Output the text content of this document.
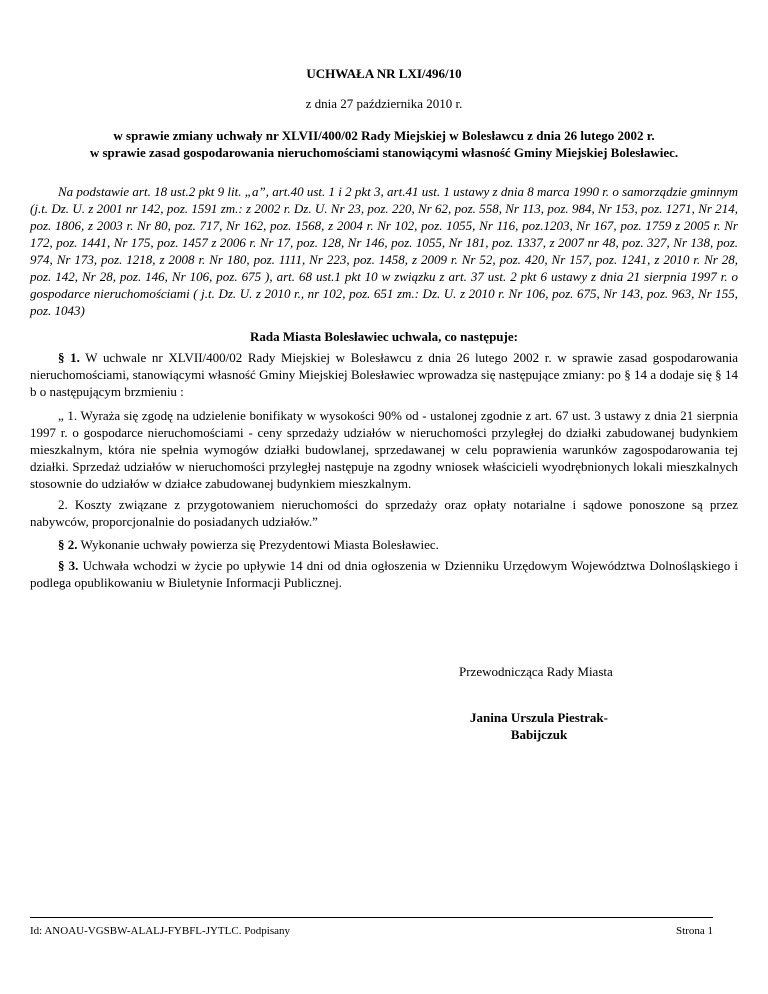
UCHWAŁA NR LXI/496/10
z dnia 27 października 2010 r.
w sprawie zmiany uchwały nr XLVII/400/02 Rady Miejskiej w Bolesławcu z dnia 26 lutego 2002 r.
w sprawie zasad gospodarowania nieruchomościami stanowiącymi własność Gminy Miejskiej Bolesławiec.
Na podstawie art. 18 ust.2 pkt 9 lit. „a”, art.40 ust. 1 i 2 pkt 3, art.41 ust. 1 ustawy z dnia 8 marca 1990 r. o samorządzie gminnym (j.t. Dz. U. z 2001 nr 142, poz. 1591 zm.: z 2002 r. Dz. U. Nr 23, poz. 220, Nr 62, poz. 558, Nr 113, poz. 984, Nr 153, poz. 1271, Nr 214, poz. 1806, z 2003 r. Nr 80, poz. 717, Nr 162, poz. 1568, z 2004 r. Nr 102, poz. 1055, Nr 116, poz.1203, Nr 167, poz. 1759 z 2005 r. Nr 172, poz. 1441, Nr 175, poz. 1457 z 2006 r. Nr 17, poz. 128, Nr 146, poz. 1055, Nr 181, poz. 1337, z 2007 nr 48, poz. 327, Nr 138, poz. 974, Nr 173, poz. 1218, z 2008 r. Nr 180, poz. 1111, Nr 223, poz. 1458, z 2009 r. Nr 52, poz. 420, Nr 157, poz. 1241, z 2010 r. Nr 28, poz. 142, Nr 28, poz. 146, Nr 106, poz. 675 ), art. 68 ust.1 pkt 10 w związku z art. 37 ust. 2 pkt 6 ustawy z dnia 21 sierpnia 1997 r. o gospodarce nieruchomościami ( j.t. Dz. U. z 2010 r., nr 102, poz. 651 zm.: Dz. U. z 2010 r. Nr 106, poz. 675, Nr 143, poz. 963, Nr 155, poz. 1043)
Rada Miasta Bolesławiec uchwala, co następuje:
§ 1. W uchwale nr XLVII/400/02 Rady Miejskiej w Bolesławcu z dnia 26 lutego 2002 r. w sprawie zasad gospodarowania nieruchomościami, stanowiącymi własność Gminy Miejskiej Bolesławiec wprowadza się następujące zmiany: po § 14 a dodaje się § 14 b o następującym brzmieniu :
„ 1. Wyraża się zgodę na udzielenie bonifikaty w wysokości 90% od - ustalonej zgodnie z art. 67 ust. 3 ustawy z dnia 21 sierpnia 1997 r. o gospodarce nieruchomościami - ceny sprzedaży udziałów w nieruchomości przyległej do działki zabudowanej budynkiem mieszkalnym, która nie spełnia wymogów działki budowlanej, sprzedawanej w celu poprawienia warunków zagospodarowania tej działki. Sprzedaż udziałów w nieruchomości przyległej następuje na zgodny wniosek właścicieli wyodrębnionych lokali mieszkalnych stosownie do udziałów w działce zabudowanej budynkiem mieszkalnym.
2. Koszty związane z przygotowaniem nieruchomości do sprzedaży oraz opłaty notarialne i sądowe ponoszone są przez nabywców, proporcjonalnie do posiadanych udziałów.”
§ 2. Wykonanie uchwały powierza się Prezydentowi Miasta Bolesławiec.
§ 3. Uchwała wchodzi w życie po upływie 14 dni od dnia ogłoszenia w Dzienniku Urzędowym Województwa Dolnośląskiego i podlega opublikowaniu w Biuletynie Informacji Publicznej.
Przewodnicząca Rady Miasta
Janina Urszula Piestrak-
Babijczuk
Id: ANOAU-VGSBW-ALALJ-FYBFL-JYTLC. Podpisany	Strona 1
